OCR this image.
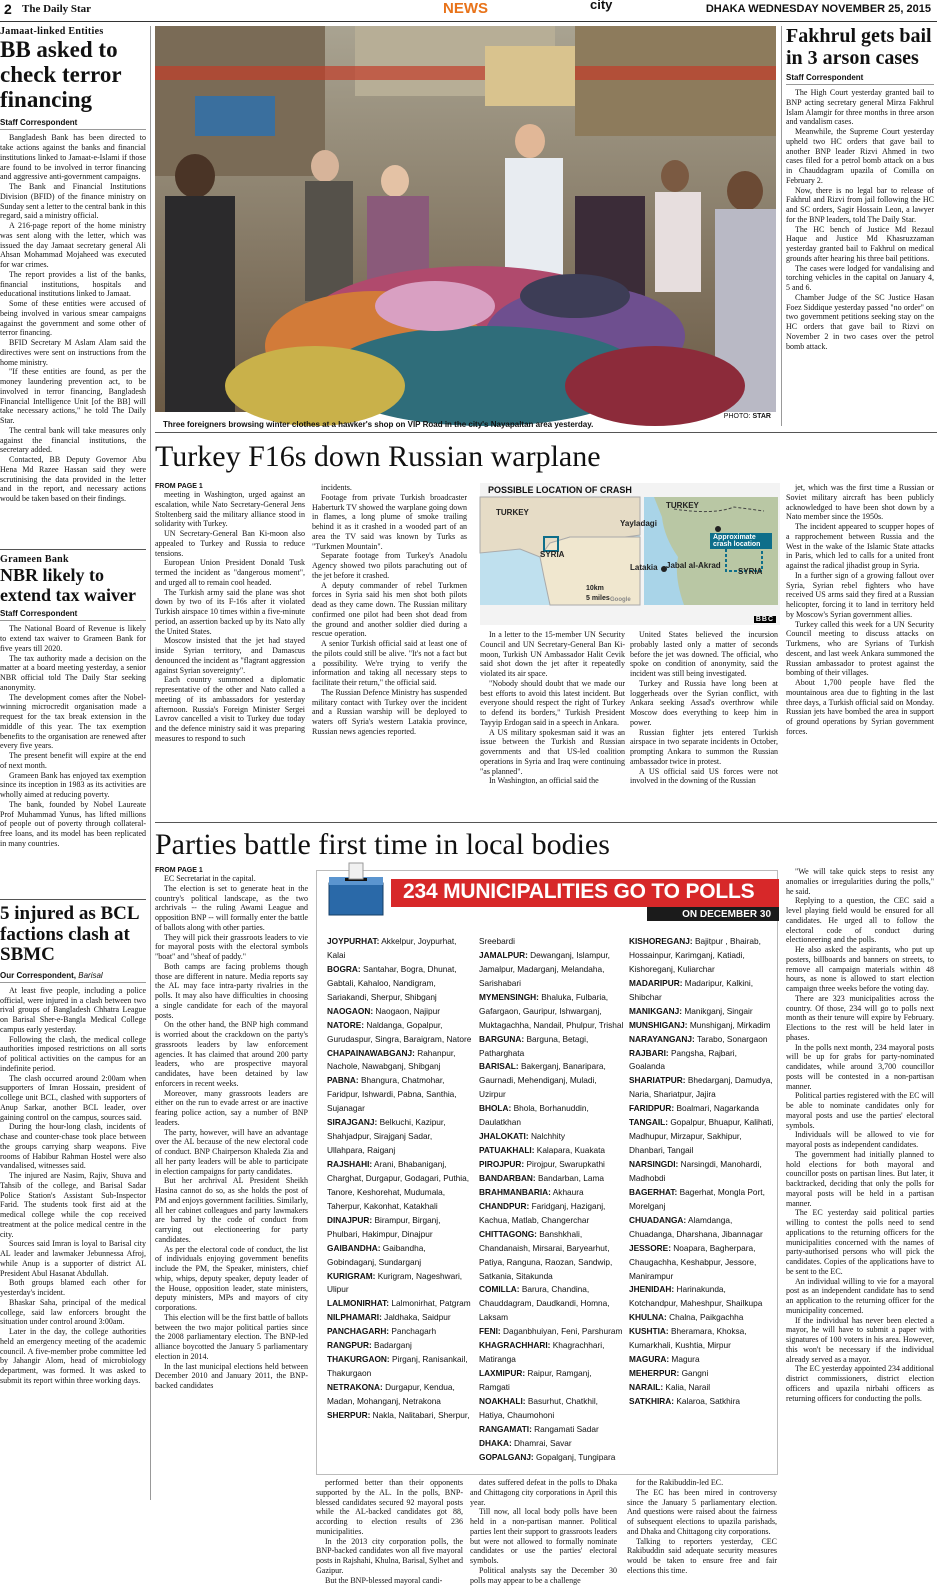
2 The Daily Star	NEWS	city	DHAKA WEDNESDAY NOVEMBER 25, 2015
Jamaat-linked Entities
BB asked to check terror financing
Staff Correspondent

Bangladesh Bank has been directed to take actions against the banks and financial institutions linked to Jamaat-e-Islami if those are found to be involved in terror financing and aggressive anti-government campaigns.

The Bank and Financial Institutions Division (BFID) of the finance ministry on Sunday sent a letter to the central bank in this regard, said a ministry official.

A 216-page report of the home ministry was sent along with the letter, which was issued the day Jamaat secretary general Ali Ahsan Mohammad Mojaheed was executed for war crimes.

The report provides a list of the banks, financial institutions, hospitals and educational institutions linked to Jamaat.

Some of these entities were accused of being involved in various smear campaigns against the government and some other of terror financing.

BFID Secretary M Aslam Alam said the directives were sent on instructions from the home ministry.

"If these entities are found, as per the money laundering prevention act, to be involved in terror financing, Bangladesh Financial Intelligence Unit [of the BB] will take necessary actions," he told The Daily Star.

The central bank will take measures only against the financial institutions, the secretary added.

Contacted, BB Deputy Governor Abu Hena Md Razee Hassan said they were scrutinising the data provided in the letter and in the report, and necessary actions would be taken based on their findings.

Grameen Bank
NBR likely to extend tax waiver
Staff Correspondent

The National Board of Revenue is likely to extend tax waiver to Grameen Bank for five years till 2020.

The tax authority made a decision on the matter at a board meeting yesterday, a senior NBR official told The Daily Star seeking anonymity.

The development comes after the Nobel-winning microcredit organisation made a request for the tax break extension in the middle of this year. The tax exemption benefits to the organisation are renewed after every five years.

The present benefit will expire at the end of next month.

Grameen Bank has enjoyed tax exemption since its inception in 1983 as its activities are wholly aimed at reducing poverty.

The bank, founded by Nobel Laureate Prof Muhammad Yunus, has lifted millions of people out of poverty through collateral-free loans, and its model has been replicated in many countries.

5 injured as BCL factions clash at SBMC
Our Correspondent, Barisal

At least five people, including a police official, were injured in a clash between two rival groups of Bangladesh Chhatra League on Barisal Sher-e-Bangla Medical College campus early yesterday.

Following the clash, the medical college authorities imposed restrictions on all sorts of political activities on the campus for an indefinite period.

The clash occurred around 2:00am when supporters of Imran Hossain, president of college unit BCL, clashed with supporters of Anup Sarkar, another BCL leader, over gaining control on the campus, sources said.

During the hour-long clash, incidents of chase and counter-chase took place between the groups carrying sharp weapons. Five rooms of Habibur Rahman Hostel were also vandalised, witnesses said.

The injured are Nasim, Rajiv, Shuva and Tahsib of the college, and Barisal Sadar Police Station's Assistant Sub-Inspector Farid. The students took first aid at the medical college while the cop received treatment at the police medical centre in the city.

Sources said Imran is loyal to Barisal city AL leader and lawmaker Jebunnessa Afroj, while Anup is a supporter of district AL President Abul Hasanat Abdullah.

Both groups blamed each other for yesterday's incident.

Bhaskar Saha, principal of the medical college, said law enforcers brought the situation under control around 3:00am.

Later in the day, the college authorities held an emergency meeting of the academic council. A five-member probe committee led by Jahangir Alom, head of microbiology department, was formed. It was asked to submit its report within three working days.

Three foreigners browsing winter clothes at a hawker's shop on VIP Road in the city's Nayapaltan area yesterday.
PHOTO: STAR
Fakhrul gets bail in 3 arson cases
Staff Correspondent

The High Court yesterday granted bail to BNP acting secretary general Mirza Fakhrul Islam Alamgir for three months in three arson and vandalism cases.

Meanwhile, the Supreme Court yesterday upheld two HC orders that gave bail to another BNP leader Rizvi Ahmed in two cases filed for a petrol bomb attack on a bus in Chauddagram upazila of Comilla on February 2.

Now, there is no legal bar to release of Fakhrul and Rizvi from jail following the HC and SC orders, Sagir Hossain Leon, a lawyer for the BNP leaders, told The Daily Star.

The HC bench of Justice Md Rezaul Haque and Justice Md Khasruzzaman yesterday granted bail to Fakhrul on medical grounds after hearing his three bail petitions.

The cases were lodged for vandalising and torching vehicles in the capital on January 4, 5 and 6.

Chamber Judge of the SC Justice Hasan Foez Siddique yesterday passed "no order" on two government petitions seeking stay on the HC orders that gave bail to Rizvi on November 2 in two cases over the petrol bomb attack.

Turkey F16s down Russian warplane
FROM PAGE 1

meeting in Washington, urged against an escalation, while Nato Secretary-General Jens Stoltenberg said the military alliance stood in solidarity with Turkey.

UN Secretary-General Ban Ki-moon also appealed to Turkey and Russia to reduce tensions.

European Union President Donald Tusk termed the incident as "dangerous moment", and urged all to remain cool headed.

The Turkish army said the plane was shot down by two of its F-16s after it violated Turkish airspace 10 times within a five-minute period, an assertion backed up by its Nato ally the United States.

Moscow insisted that the jet had stayed inside Syrian territory, and Damascus denounced the incident as "flagrant aggression against Syrian sovereignty".

Each country summoned a diplomatic representative of the other and Nato called a meeting of its ambassadors for yesterday afternoon. Russia's Foreign Minister Sergei Lavrov cancelled a visit to Turkey due today and the defence ministry said it was preparing measures to respond to such

incidents.

Footage from private Turkish broadcaster Haberturk TV showed the warplane going down in flames, a long plume of smoke trailing behind it as it crashed in a wooded part of an area the TV said was known by Turks as "Turkmen Mountain".

Separate footage from Turkey's Anadolu Agency showed two pilots parachuting out of the jet before it crashed.

A deputy commander of rebel Turkmen forces in Syria said his men shot both pilots dead as they came down. The Russian military confirmed one pilot had been shot dead from the ground and another soldier died during a rescue operation.

A senior Turkish official said at least one of the pilots could still be alive. "It's not a fact but a possibility. We're trying to verify the information and taking all necessary steps to facilitate their return," the official said.

The Russian Defence Ministry has suspended military contact with Turkey over the incident and a Russian warship will be deployed to waters off Syria's western Latakia province, Russian news agencies reported.

POSSIBLE LOCATION OF CRASH
TURKEY
SYRIA
TURKEY
Yayladagi
Approximate crash location
Latakia Jabal al-Akrad
SYRIA
10km
5 miles Google
BBC

In a letter to the 15-member UN Security Council and UN Secretary-General Ban Ki-moon, Turkish UN Ambassador Halit Cevik said shot down the jet after it repeatedly violated its air space.

"Nobody should doubt that we made our best efforts to avoid this latest incident. But everyone should respect the right of Turkey to defend its borders," Turkish President Tayyip Erdogan said in a speech in Ankara.

A US military spokesman said it was an issue between the Turkish and Russian governments and that US-led coalition operations in Syria and Iraq were continuing "as planned".

In Washington, an official said the

United States believed the incursion probably lasted only a matter of seconds before the jet was downed. The official, who spoke on condition of anonymity, said the incident was still being investigated.

Turkey and Russia have long been at loggerheads over the Syrian conflict, with Ankara seeking Assad's overthrow while Moscow does everything to keep him in power.

Russian fighter jets entered Turkish airspace in two separate incidents in October, prompting Ankara to summon the Russian ambassador twice in protest.

A US official said US forces were not involved in the downing of the Russian

jet, which was the first time a Russian or Soviet military aircraft has been publicly acknowledged to have been shot down by a Nato member since the 1950s.

The incident appeared to scupper hopes of a rapprochement between Russia and the West in the wake of the Islamic State attacks in Paris, which led to calls for a united front against the radical jihadist group in Syria.

In a further sign of a growing fallout over Syria, Syrian rebel fighters who have received US arms said they fired at a Russian helicopter, forcing it to land in territory held by Moscow's Syrian government allies.

Turkey called this week for a UN Security Council meeting to discuss attacks on Turkmens, who are Syrians of Turkish descent, and last week Ankara summoned the Russian ambassador to protest against the bombing of their villages.

About 1,700 people have fled the mountainous area due to fighting in the last three days, a Turkish official said on Monday. Russian jets have bombed the area in support of ground operations by Syrian government forces.

Parties battle first time in local bodies
FROM PAGE 1

EC Secretariat in the capital.

The election is set to generate heat in the country's political landscape, as the two archrivals -- the ruling Awami League and opposition BNP -- will formally enter the battle of ballots along with other parties.

They will pick their grassroots leaders to vie for mayoral posts with the electoral symbols "boat" and "sheaf of paddy."

Both camps are facing problems though those are different in nature. Media reports say the AL may face intra-party rivalries in the polls. It may also have difficulties in choosing a single candidate for each of the mayoral posts.

On the other hand, the BNP high command is worried about the crackdown on the party's grassroots leaders by law enforcement agencies. It has claimed that around 200 party leaders, who are prospective mayoral candidates, have been detained by law enforcers in recent weeks.

Moreover, many grassroots leaders are either on the run to evade arrest or are inactive fearing police action, say a number of BNP leaders.

The party, however, will have an advantage over the AL because of the new electoral code of conduct. BNP Chairperson Khaleda Zia and all her party leaders will be able to participate in election campaigns for party candidates.

But her archrival AL President Sheikh Hasina cannot do so, as she holds the post of PM and enjoys government facilities. Similarly, all her cabinet colleagues and party lawmakers are barred by the code of conduct from carrying out electioneering for party candidates.

As per the electoral code of conduct, the list of individuals enjoying government benefits include the PM, the Speaker, ministers, chief whip, whips, deputy speaker, deputy leader of the House, opposition leader, state ministers, deputy ministers, MPs and mayors of city corporations.

This election will be the first battle of ballots between the two major political parties since the 2008 parliamentary election. The BNP-led alliance boycotted the January 5 parliamentary election in 2014.

In the last municipal elections held between December 2010 and January 2011, the BNP-backed candidates

234 MUNICIPALITIES GO TO POLLS
ON DECEMBER 30
JOYPURHAT: Akkelpur, Joypurhat, Kalai
BOGRA: Santahar, Bogra, Dhunat, Gabtali, Kahaloo, Nandigram, Sariakandi, Sherpur, Shibganj
NAOGAON: Naogaon, Najipur
NATORE: Naldanga, Gopalpur, Gurudaspur, Singra, Baraigram, Natore
CHAPAINAWABGANJ: Rahanpur, Nachole, Nawabganj, Shibganj
PABNA: Bhangura, Chatmohar, Faridpur, Ishwardi, Pabna, Santhia, Sujanagar
SIRAJGANJ: Belkuchi, Kazipur, Shahjadpur, Sirajganj Sadar, Ullahpara, Raiganj
RAJSHAHI: Arani, Bhabaniganj, Charghat, Durgapur, Godagari, Puthia, Tanore, Keshorehat, Mudumala, Taherpur, Kakonhat, Katakhali
DINAJPUR: Birampur, Birganj, Phulbari, Hakimpur, Dinajpur
GAIBANDHA: Gaibandha, Gobindaganj, Sundarganj
KURIGRAM: Kurigram, Nageshwari, Ulipur
LALMONIRHAT: Lalmonirhat, Patgram
NILPHAMARI: Jaldhaka, Saidpur
PANCHAGARH: Panchagarh
RANGPUR: Badarganj
THAKURGAON: Pirganj, Ranisankail, Thakurgaon
NETRAKONA: Durgapur, Kendua, Madan, Mohanganj, Netrakona
SHERPUR: Nakla, Nalitabari, Sherpur,
Sreebardi
JAMALPUR: Dewanganj, Islampur, Jamalpur, Madarganj, Melandaha, Sarishabari
MYMENSINGH: Bhaluka, Fulbaria, Gafargaon, Gauripur, Ishwarganj, Muktagachha, Nandail, Phulpur, Trishal
BARGUNA: Barguna, Betagi, Patharghata
BARISAL: Bakerganj, Banaripara, Gaurnadi, Mehendiganj, Muladi, Uzirpur
BHOLA: Bhola, Borhanuddin, Daulatkhan
JHALOKATI: Nalchhity
PATUAKHALI: Kalapara, Kuakata
PIROJPUR: Pirojpur, Swarupkathi
BANDARBAN: Bandarban, Lama
BRAHMANBARIA: Akhaura
CHANDPUR: Faridganj, Haziganj, Kachua, Matlab, Changerchar
CHITTAGONG: Banshkhali, Chandanaish, Mirsarai, Baryearhut, Patiya, Ranguna, Raozan, Sandwip, Satkania, Sitakunda
COMILLA: Barura, Chandina, Chauddagram, Daudkandi, Homna, Laksam
FENI: Daganbhuiyan, Feni, Parshuram
KHAGRACHHARI: Khagrachhari, Matiranga
LAXMIPUR: Raipur, Ramganj, Ramgati
NOAKHALI: Basurhut, Chatkhil, Hatiya, Chaumohoni
RANGAMATI: Rangamati Sadar
DHAKA: Dhamrai, Savar
GOPALGANJ: Gopalganj, Tungipara
KISHOREGANJ: Bajitpur , Bhairab, Hossainpur, Karimganj, Katiadi, Kishoreganj, Kuliarchar
MADARIPUR: Madaripur, Kalkini, Shibchar
MANIKGANJ: Manikganj, Singair
MUNSHIGANJ: Munshiganj, Mirkadim
NARAYANGANJ: Tarabo, Sonargaon
RAJBARI: Pangsha, Rajbari, Goalanda
SHARIATPUR: Bhedarganj, Damudya, Naria, Shariatpur, Jajira
FARIDPUR: Boalmari, Nagarkanda
TANGAIL: Gopalpur, Bhuapur, Kalihati, Madhupur, Mirzapur, Sakhipur, Dhanbari, Tangail
NARSINGDI: Narsingdi, Manohardi, Madhobdi
BAGERHAT: Bagerhat, Mongla Port, Morelganj
CHUADANGA: Alamdanga, Chuadanga, Dharshana, Jibannagar
JESSORE: Noapara, Bagherpara, Chaugachha, Keshabpur, Jessore, Manirampur
JHENIDAH: Harinakunda, Kotchandpur, Maheshpur, Shailkupa
KHULNA: Chalna, Paikgachha
KUSHTIA: Bheramara, Khoksa, Kumarkhali, Kushtia, Mirpur
MAGURA: Magura
MEHERPUR: Gangni
NARAIL: Kalia, Narail
SATKHIRA: Kalaroa, Satkhira

performed better than their opponents supported by the AL. In the polls, BNP-blessed candidates secured 92 mayoral posts while the AL-backed candidates got 88, according to election results of 236 municipalities.

In the 2013 city corporation polls, the BNP-backed candidates won all five mayoral posts in Rajshahi, Khulna, Barisal, Sylhet and Gazipur.

But the BNP-blessed mayoral candi-

dates suffered defeat in the polls to Dhaka and Chittagong city corporations in April this year.

Till now, all local body polls have been held in a non-partisan manner. Political parties lent their support to grassroots leaders but were not allowed to formally nominate candidates or use the parties' electoral symbols.

Political analysts say the December 30 polls may appear to be a challenge

for the Rakibuddin-led EC.

The EC has been mired in controversy since the January 5 parliamentary election. And questions were raised about the fairness of subsequent elections to upazila parishads, and Dhaka and Chittagong city corporations.

Talking to reporters yesterday, CEC Rakibuddin said adequate security measures would be taken to ensure free and fair elections this time.

"We will take quick steps to resist any anomalies or irregularities during the polls," he said.

Replying to a question, the CEC said a level playing field would be ensured for all candidates. He urged all to follow the electoral code of conduct during electioneering and the polls.

He also asked the aspirants, who put up posters, billboards and banners on streets, to remove all campaign materials within 48 hours, as none is allowed to start election campaign three weeks before the voting day.

There are 323 municipalities across the country. Of those, 234 will go to polls next month as their tenure will expire by February. Elections to the rest will be held later in phases.

In the polls next month, 234 mayoral posts will be up for grabs for party-nominated candidates, while around 3,700 councillor posts will be contested in a non-partisan manner.

Political parties registered with the EC will be able to nominate candidates only for mayoral posts and use the parties' electoral symbols.

Individuals will be allowed to vie for mayoral posts as independent candidates.

The government had initially planned to hold elections for both mayoral and councillor posts on partisan lines. But later, it backtracked, deciding that only the polls for mayoral posts will be held in a partisan manner.

The EC yesterday said political parties willing to contest the polls need to send applications to the returning officers for the municipalities concerned with the names of party-authorised persons who will pick the candidates. Copies of the applications have to be sent to the EC.

An individual willing to vie for a mayoral post as an independent candidate has to send an application to the returning officer for the municipality concerned.

If the individual has never been elected a mayor, he will have to submit a paper with signatures of 100 voters in his area. However, this won't be necessary if the individual already served as a mayor.

The EC yesterday appointed 234 additional district commissioners, district election officers and upazila nirbahi officers as returning officers for conducting the polls.
